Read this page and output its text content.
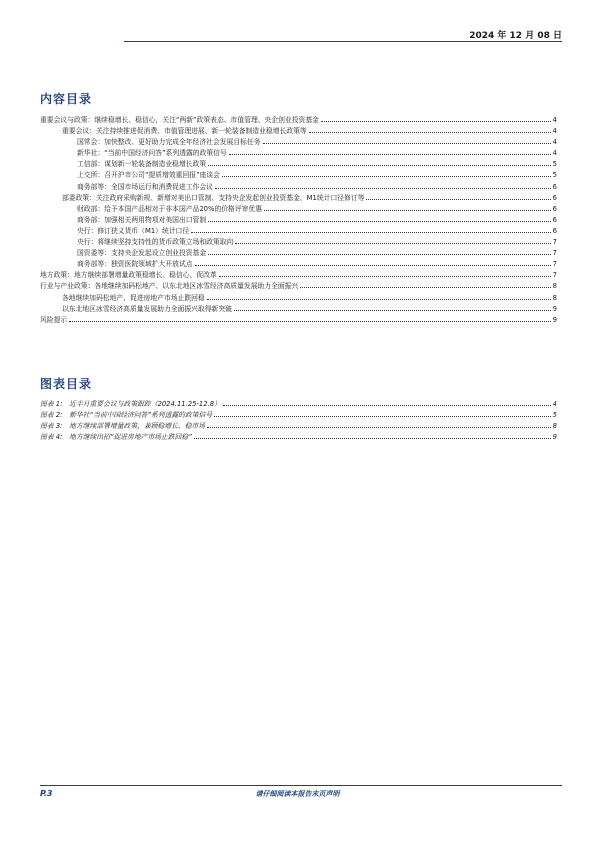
2024 年 12 月 08 日
内容目录
重要会议与政策：继续稳增长、稳信心，关注“两新”政策表态、市值管理、央企创业投资基金	4
重要会议：关注持续推进促消费、市值管理进展、新一轮装备制造业稳增长政策等	4
国常会：加快整改、更好助力完成全年经济社会发展目标任务	4
新华社：“当前中国经济问答”系列透露的政策信号	4
工信部：谋划新一轮装备制造业稳增长政策	5
上交所：召开沪市公司“提质增效重回报”座谈会	5
商务部等：全国市场运行和消费促进工作会议	6
部委政策：关注政府采购新规、新增对美出口管制、支持央企发起创业投资基金、M1统计口径修订等	6
财政部：给予本国产品相对于非本国产品20%的价格评审优惠	6
商务部：加强相关两用物项对美国出口管制	6
央行：修订狭义货币（M1）统计口径	6
央行：将继续坚持支持性的货币政策立场和政策取向	7
国资委等：支持央企发起设立创业投资基金	7
商务部等：独资医院领域扩大开放试点	7
地方政策：地方继续部署增量政策稳增长、稳信心、促改革	7
行业与产业政策：各地继续加码松地产、以东北地区冰雪经济高质量发展助力全面振兴	8
各地继续加码松地产、促进房地产市场止跌回稳	8
以东北地区冰雪经济高质量发展助力全面振兴取得新突破	9
风险提示	9
图表目录
图表 1:　近半月重要会议与政策跟踪（2024.11.25-12.8）	4
图表 2:　新华社“当前中国经济问答”系列透露的政策信号	5
图表 3:　地方继续部署增量政策，兼顾稳增长、稳市场	8
图表 4:　地方继续出招“促进房地产市场止跌回稳”	9
P.3	请仔细阅读本报告末页声明
